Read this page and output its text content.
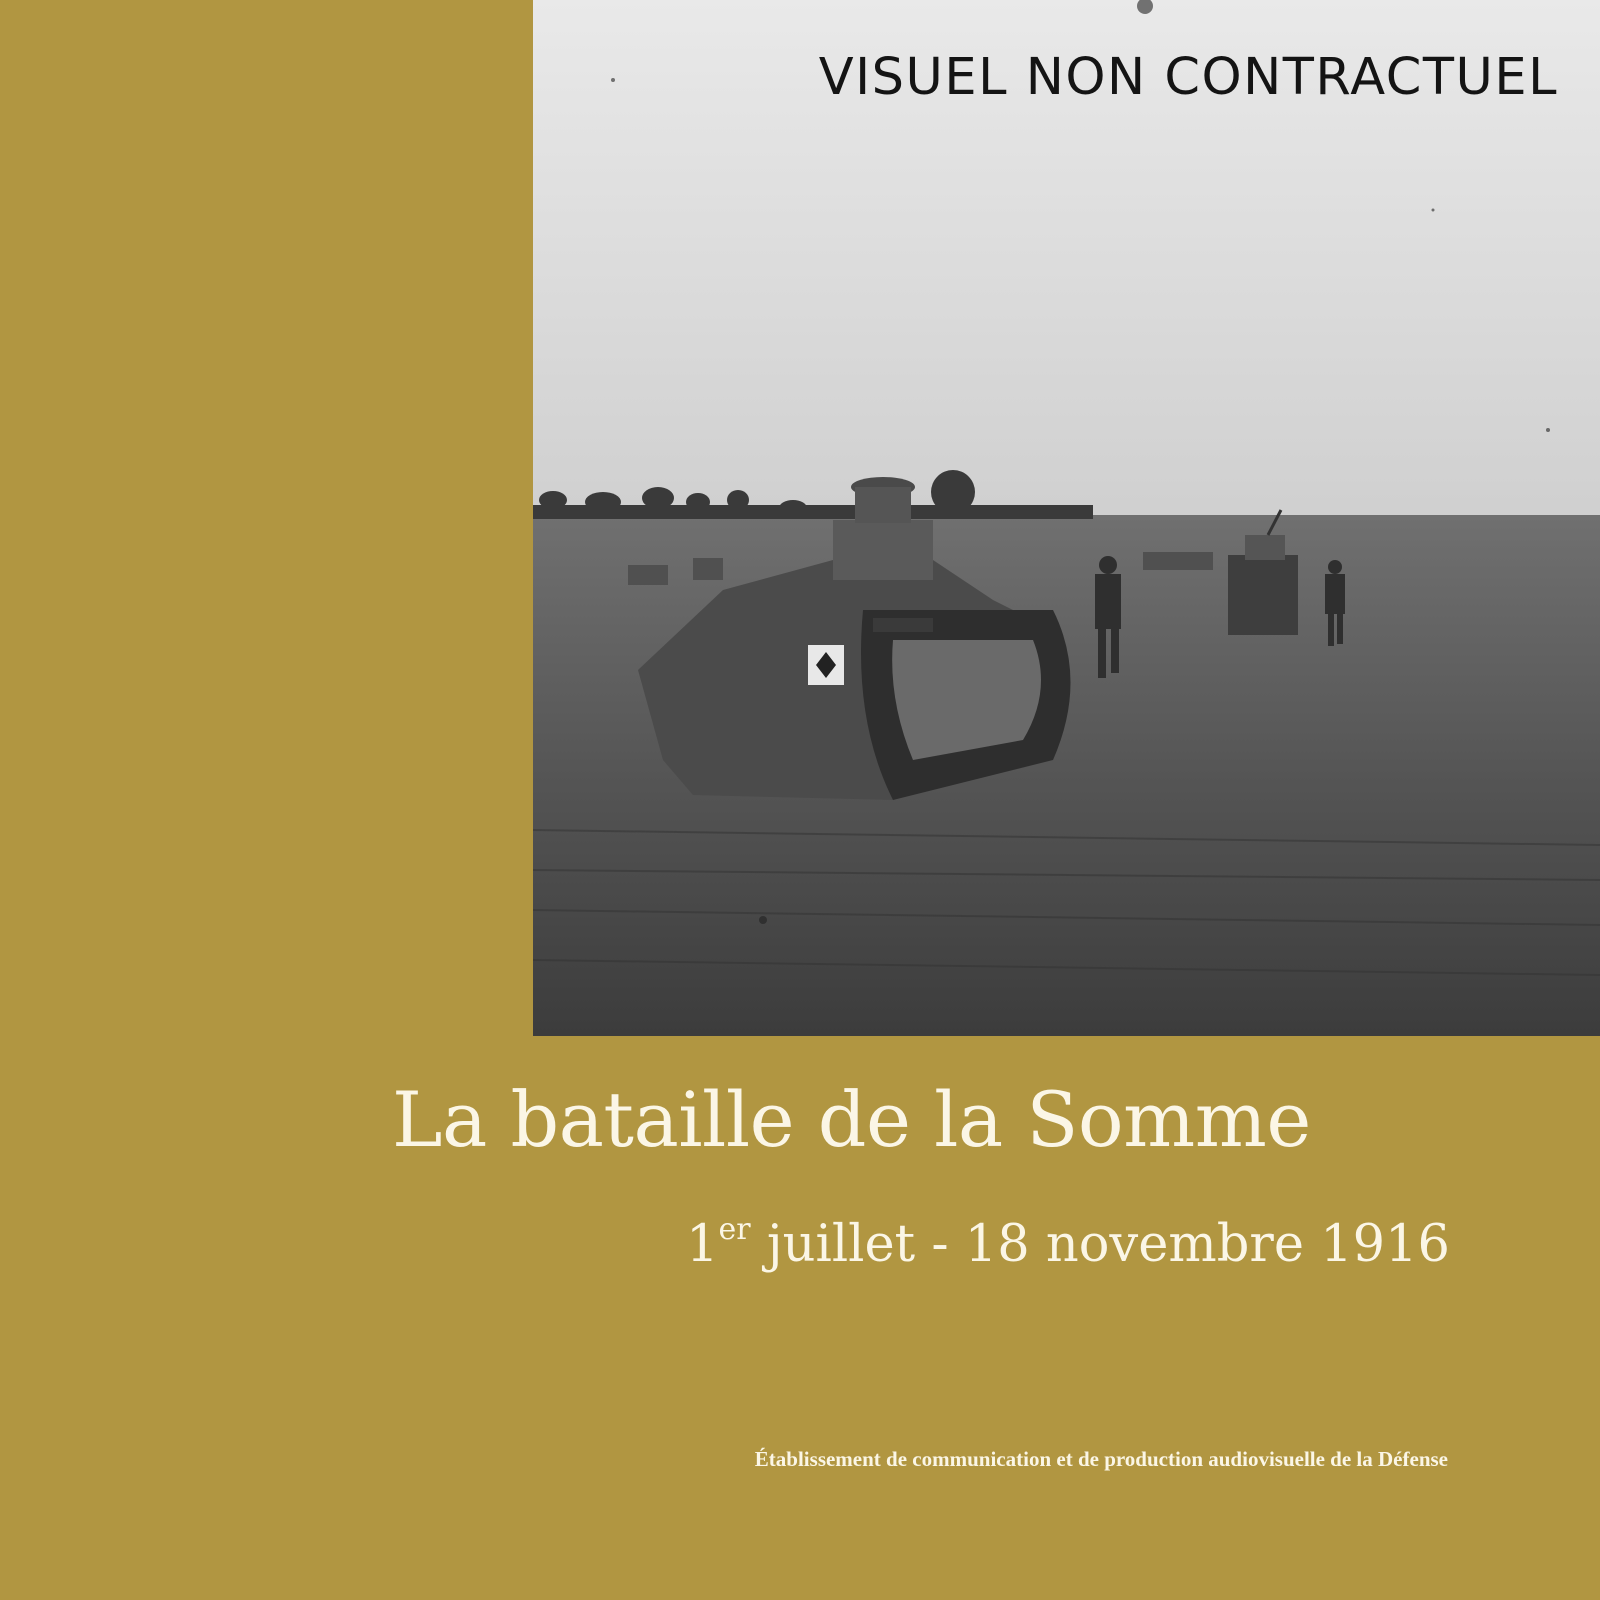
VISUEL NON CONTRACTUEL
La bataille de la Somme
1er juillet - 18 novembre 1916
Établissement de communication et de production audiovisuelle de la Défense
